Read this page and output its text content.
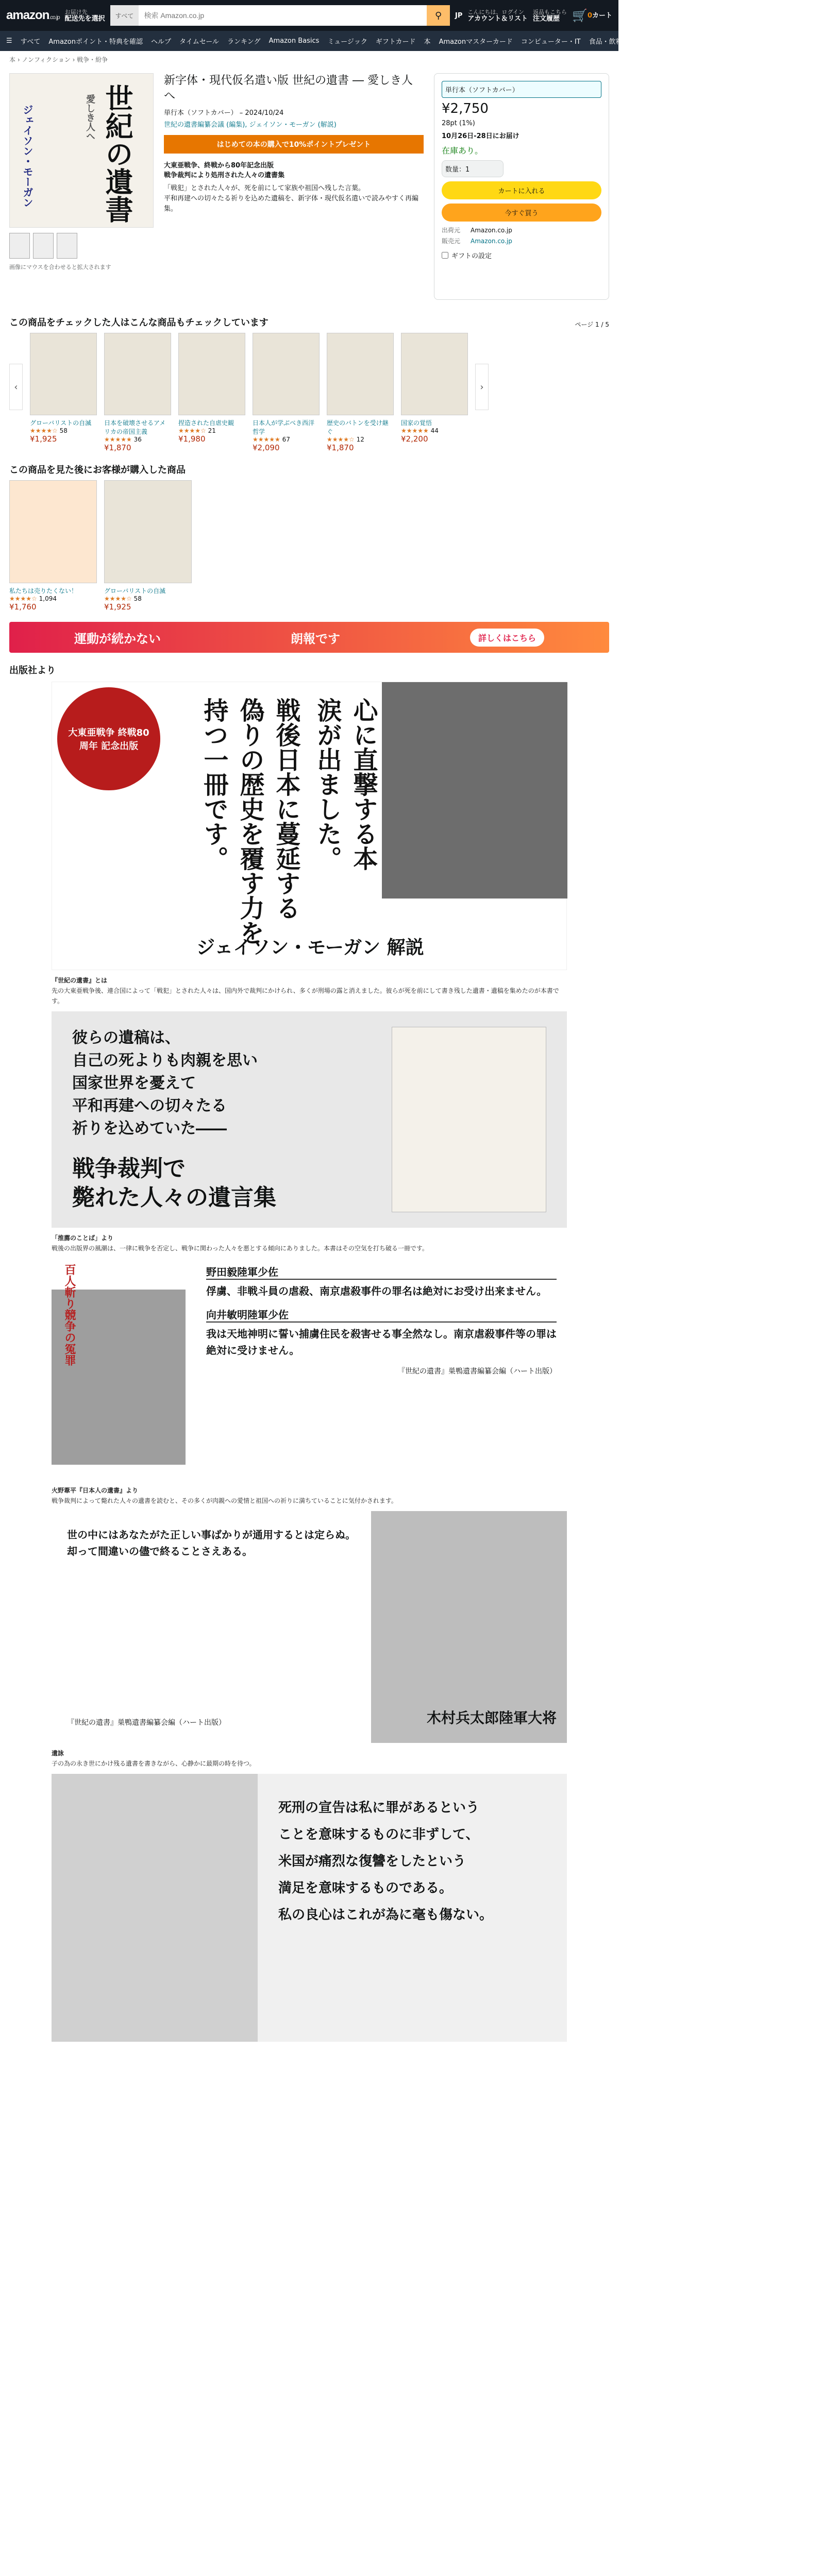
amazon.co.jp
お届け先
配送先を選択	すべて
検索 Amazon.co.jp	⚲ JP こんにちは、ログイン
アカウント＆リスト
返品もこちら
注文履歴 🛒 0 カート
☰ すべて Amazonポイント・特典を確認 ヘルプ タイムセール ランキング Amazon Basics ミュージック ギフトカード 本 Amazonマスターカード コンピューター・IT 食品・飲料・お酒 ホーム＆キッチン プライム 新着商品 Prime Video
本 › ノンフィクション › 戦争・紛争
世紀の遺書
愛しき人へ
ジェイソン・モーガン
画像にマウスを合わせると拡大されます
新字体・現代仮名遣い版 世紀の遺書 ― 愛しき人へ
単行本（ソフトカバー） – 2024/10/24
世紀の遺書編纂会議 (編集), ジェイソン・モーガン (解説)
はじめての本の購入で10%ポイントプレゼント
大東亜戦争、終戦から80年記念出版
戦争裁判により処刑された人々の遺書集

「戦犯」とされた人々が、死を前にして家族や祖国へ残した言葉。

平和再建への切々たる祈りを込めた遺稿を、新字体・現代仮名遣いで読みやすく再編集。

単行本（ソフトカバー）
¥2,750
28pt (1%)
10月26日-28日にお届け
在庫あり。
数量：1
カートに入れる
今すぐ買う
出荷元 Amazon.co.jp
販売元 Amazon.co.jp
ギフトの設定
この商品をチェックした人はこんな商品もチェックしています	ページ 1 / 5
‹
グローバリストの自滅
★★★★☆ 58
¥1,925
日本を破壊させるアメリカの帝国主義
★★★★★ 36
¥1,870
捏造された自虐史観
★★★★☆ 21
¥1,980
日本人が学ぶべき西洋哲学
★★★★★ 67
¥2,090
歴史のバトンを受け継ぐ
★★★★☆ 12
¥1,870
国家の覚悟
★★★★★ 44
¥2,200
›
この商品を見た後にお客様が購入した商品
私たちは売りたくない！
★★★★☆ 1,094
¥1,760
グローバリストの自滅
★★★★☆ 58
¥1,925
運動が続かない	朗報です	詳しくはこちら
出版社より
大東亜戦争 終戦80周年 記念出版	持つ一冊です。 偽りの歴史を覆す力を 戦後日本に蔓延する 涙が出ました。 心に直撃する本
ジェイソン・モーガン 解説
『世紀の遺書』とは

先の大東亜戦争後、連合国によって「戦犯」とされた人々は、国内外で裁判にかけられ、多くが刑場の露と消えました。彼らが死を前にして書き残した遺書・遺稿を集めたのが本書です。

彼らの遺稿は、
自己の死よりも肉親を思い
国家世界を憂えて
平和再建への切々たる
祈りを込めていた――
戦争裁判で
斃れた人々の遺言集
「推薦のことば」より

戦後の出版界の風潮は、一律に戦争を否定し、戦争に関わった人々を悪とする傾向にありました。本書はその空気を打ち破る一冊です。

百人斬り競争の冤罪	野田毅陸軍少佐
俘虜、非戦斗員の虐殺、南京虐殺事件の罪名は絶対にお受け出来ません。
向井敏明陸軍少佐
我は天地神明に誓い捕虜住民を殺害せる事全然なし。南京虐殺事件等の罪は絶対に受けません。
『世紀の遺書』巣鴨遺書編纂会編（ハート出版）
火野葦平『日本人の遺書』より

戦争裁判によって斃れた人々の遺書を読むと、その多くが肉親への愛情と祖国への祈りに満ちていることに気付かされます。

世の中にはあなたがた正しい事ばかりが通用するとは定らぬ。却って間違いの儘で終ることさえある。
『世紀の遺書』巣鴨遺書編纂会編（ハート出版）	木村兵太郎陸軍大将
遺詠

子の為の永き世にかけ残る遺書を書きながら、心静かに最期の時を待つ。

死刑の宣告は私に罪があるという
ことを意味するものに非ずして、
米国が痛烈な復讐をしたという
満足を意味するものである。
私の良心はこれが為に毫も傷ない。
